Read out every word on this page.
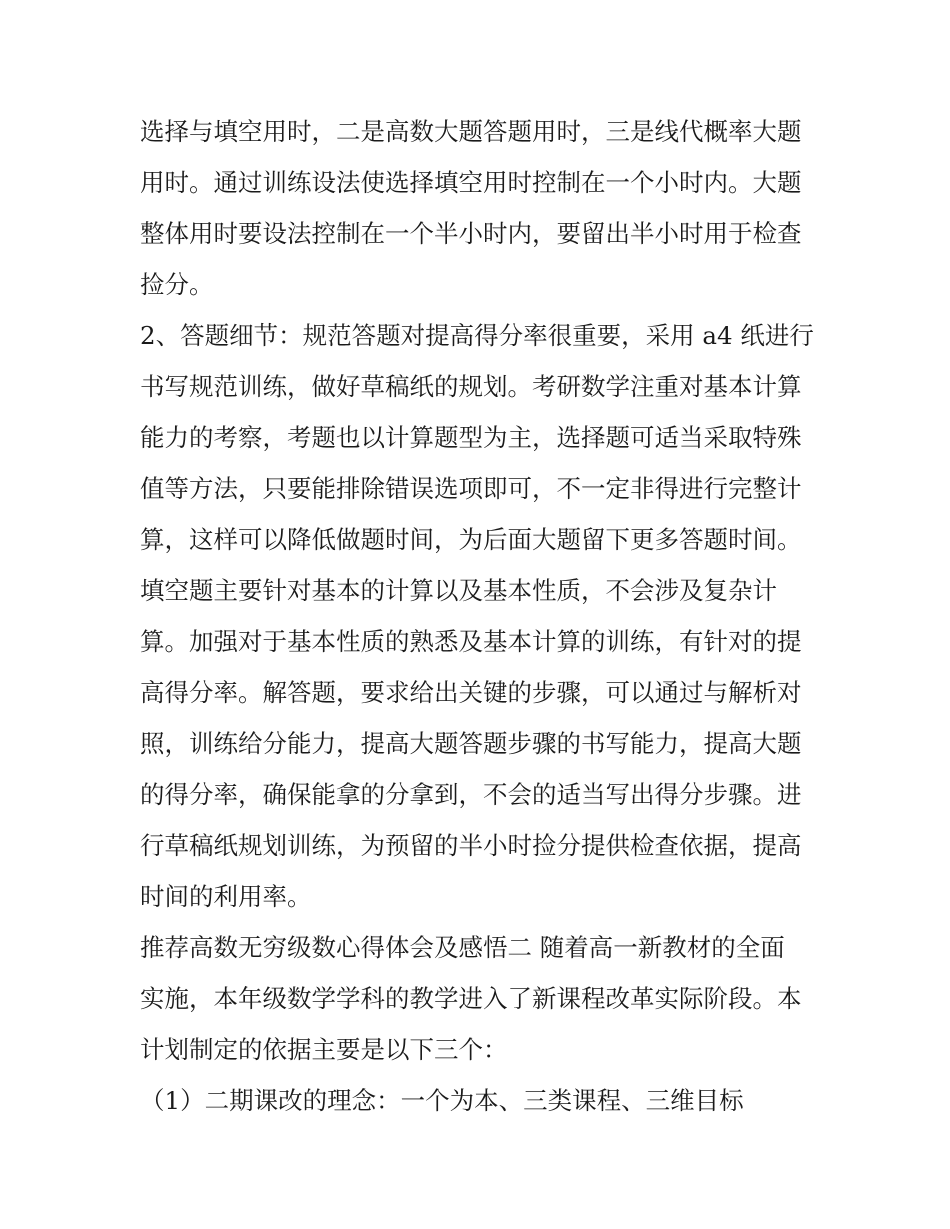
选择与填空用时，二是高数大题答题用时，三是线代概率大题

用时。通过训练设法使选择填空用时控制在一个小时内。大题

整体用时要设法控制在一个半小时内，要留出半小时用于检查

捡分。

2、答题细节：规范答题对提高得分率很重要，采用 a4 纸进行

书写规范训练，做好草稿纸的规划。考研数学注重对基本计算

能力的考察，考题也以计算题型为主，选择题可适当采取特殊

值等方法，只要能排除错误选项即可，不一定非得进行完整计

算，这样可以降低做题时间，为后面大题留下更多答题时间。

填空题主要针对基本的计算以及基本性质，不会涉及复杂计

算。加强对于基本性质的熟悉及基本计算的训练，有针对的提

高得分率。解答题，要求给出关键的步骤，可以通过与解析对

照，训练给分能力，提高大题答题步骤的书写能力，提高大题

的得分率，确保能拿的分拿到，不会的适当写出得分步骤。进

行草稿纸规划训练，为预留的半小时捡分提供检查依据，提高

时间的利用率。

推荐高数无穷级数心得体会及感悟二 随着高一新教材的全面

实施，本年级数学学科的教学进入了新课程改革实际阶段。本

计划制定的依据主要是以下三个：

（1）二期课改的理念：一个为本、三类课程、三维目标
